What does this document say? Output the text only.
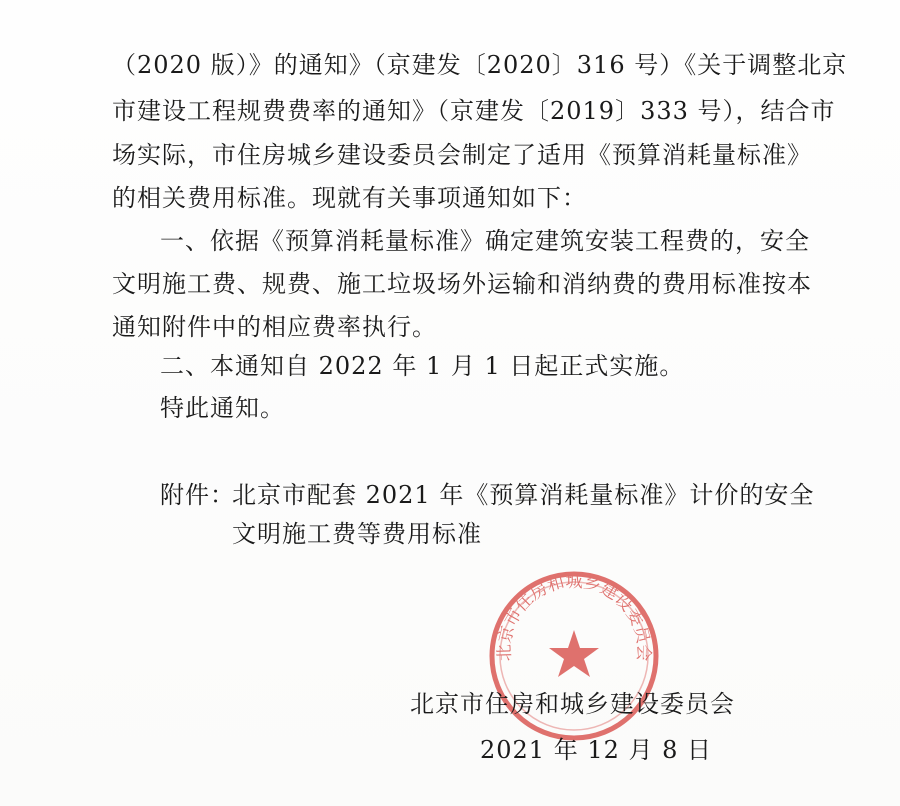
（2020 版）》的通知》（京建发〔2020〕316 号）《关于调整北京
市建设工程规费费率的通知》（京建发〔2019〕333 号），结合市
场实际，市住房城乡建设委员会制定了适用《预算消耗量标准》
的相关费用标准。现就有关事项通知如下：
一、依据《预算消耗量标准》确定建筑安装工程费的，安全
文明施工费、规费、施工垃圾场外运输和消纳费的费用标准按本
通知附件中的相应费率执行。
二、本通知自 2022 年 1 月 1 日起正式实施。
特此通知。
附件：
北京市配套 2021 年《预算消耗量标准》计价的安全
文明施工费等费用标准
北京市住房和城乡建设委员会
北京市住房和城乡建设委员会
2021 年 12 月 8 日
